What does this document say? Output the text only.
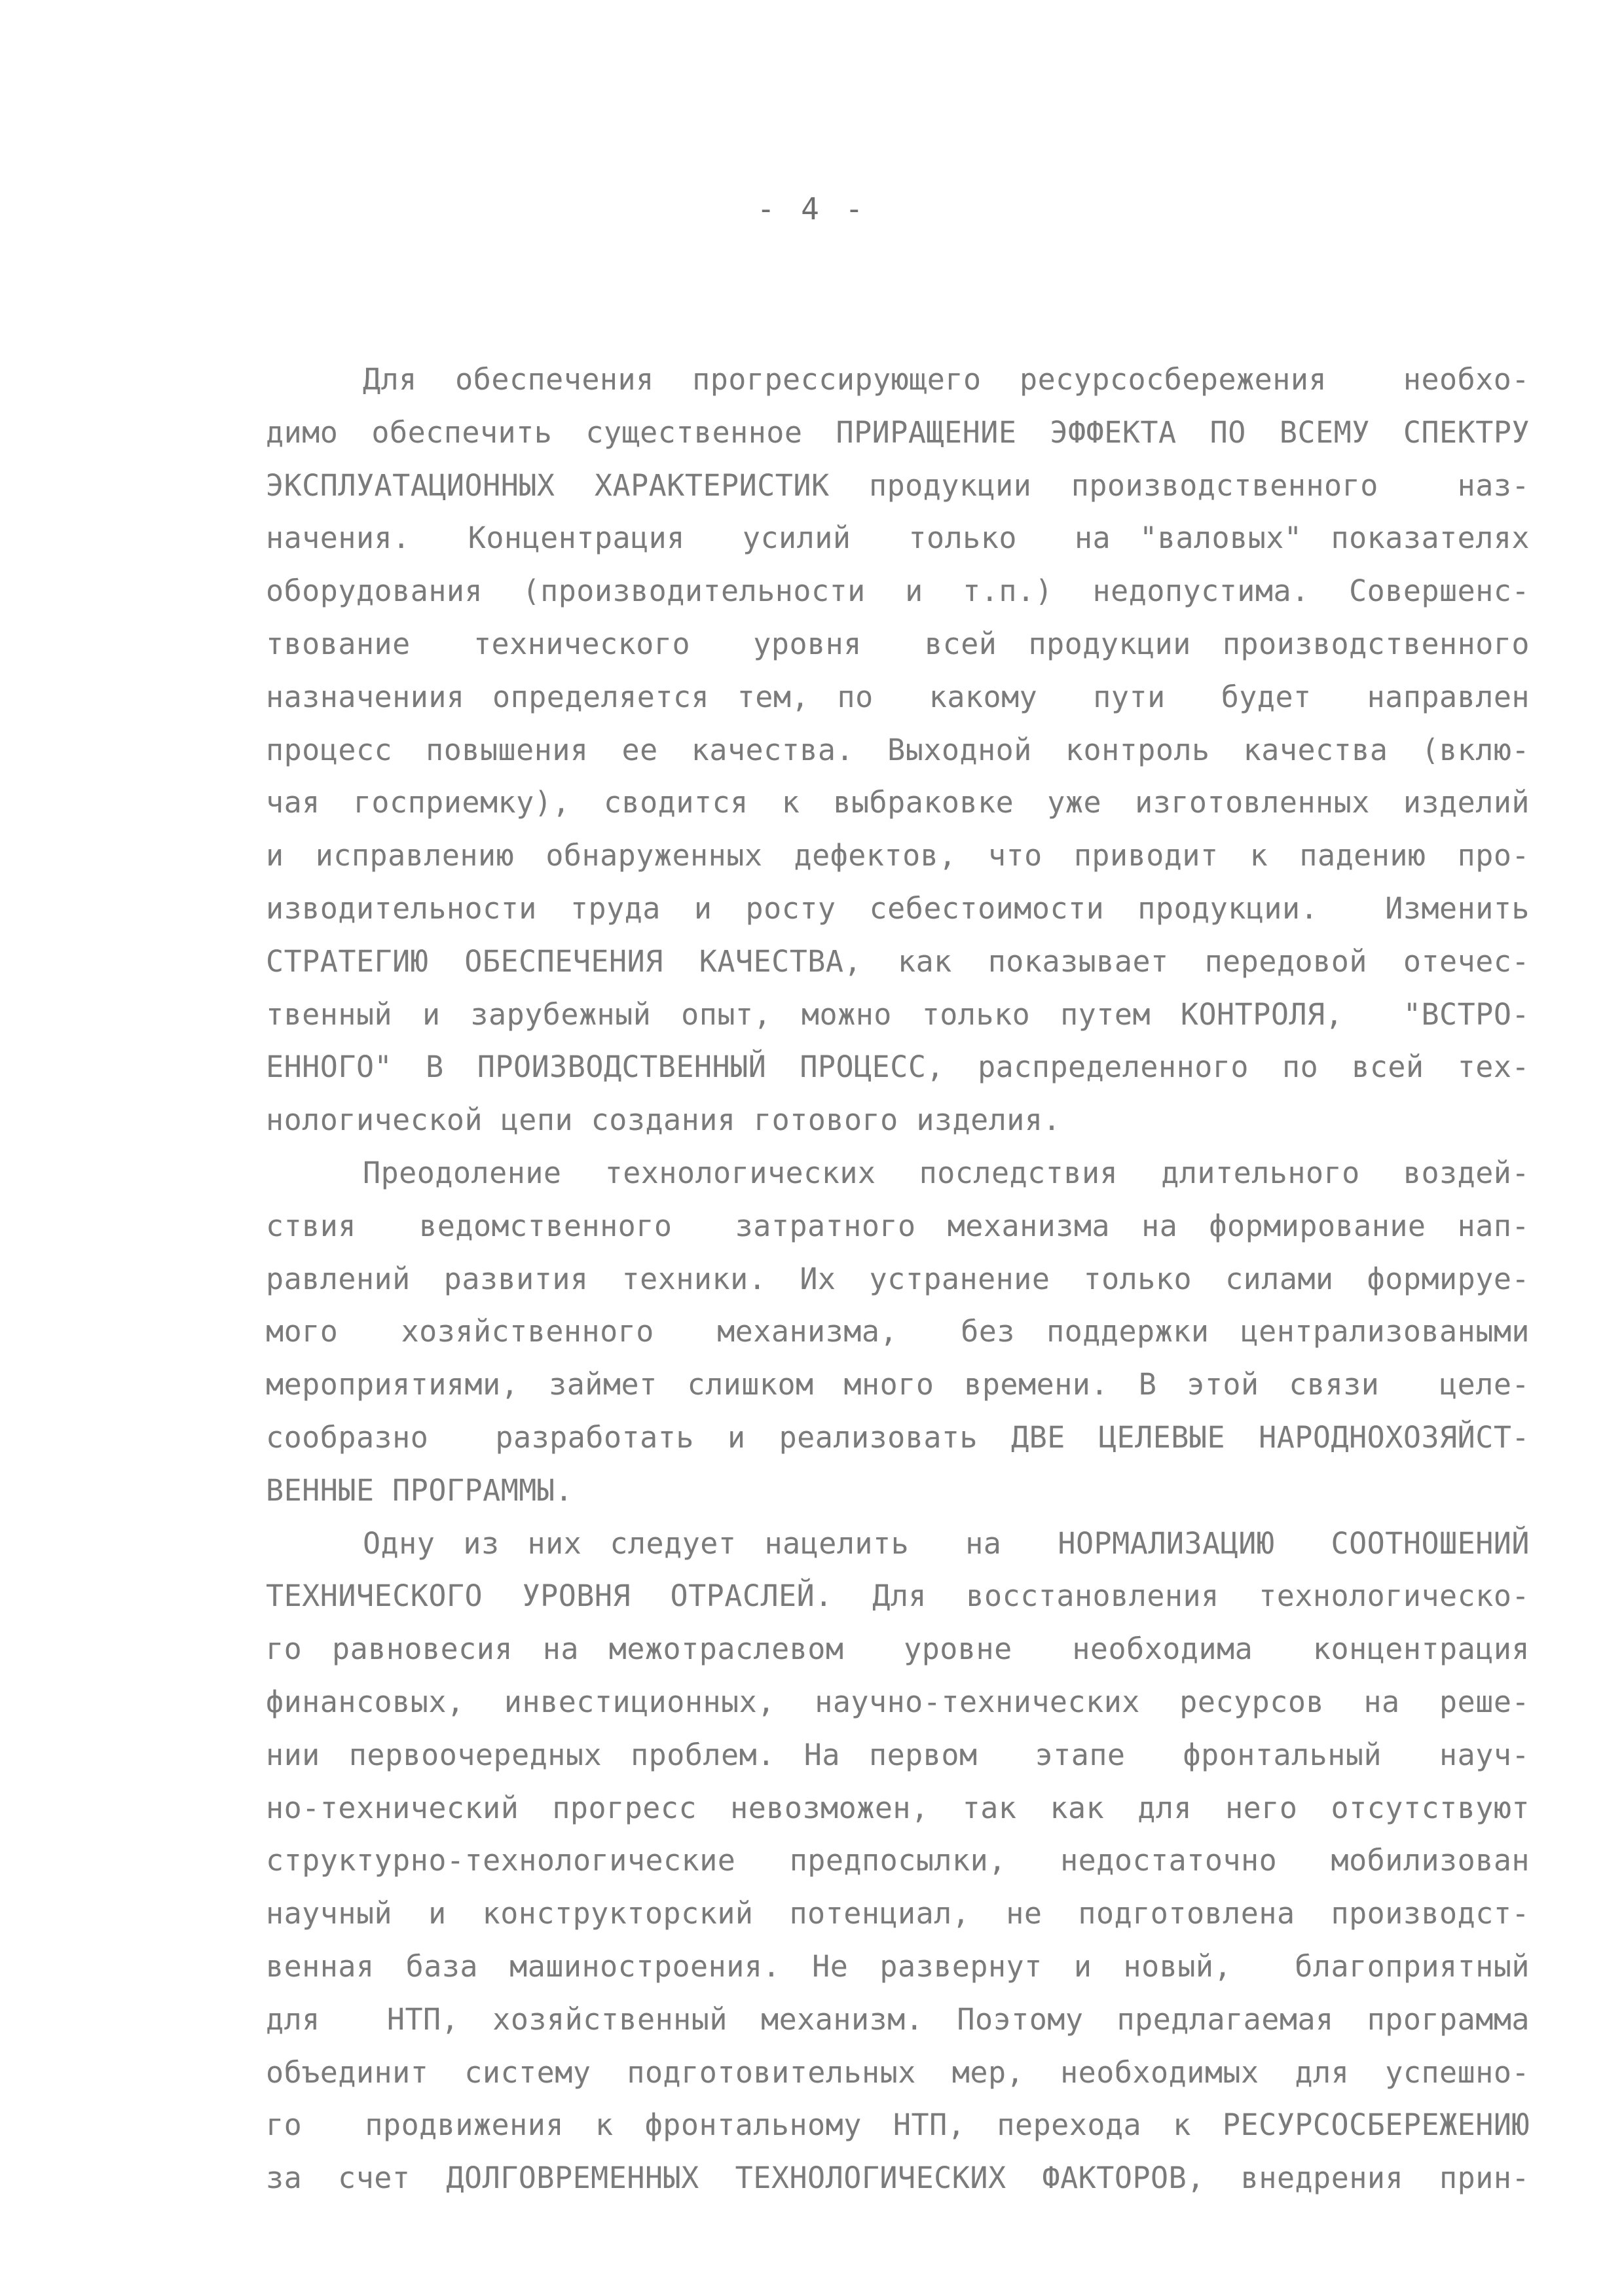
- 4 -
Для обеспечения прогрессирующего ресурсосбережения  необхо-
димо обеспечить существенное ПРИРАЩЕНИЕ ЭФФЕКТА ПО ВСЕМУ СПЕКТРУ
ЭКСПЛУАТАЦИОННЫХ ХАРАКТЕРИСТИК продукции производственного  наз-
начения.  Концентрация  усилий  только  на "валовых" показателях
оборудования (производительности и т.п.) недопустима. Совершенс-
твование  технического  уровня  всей продукции производственного
назначениия определяется тем, по  какому  пути  будет  направлен
процесс повышения ее качества. Выходной контроль качества (вклю-
чая госприемку), сводится к выбраковке уже изготовленных изделий
и исправлению обнаруженных дефектов, что приводит к падению про-
изводительности труда и росту себестоимости продукции.  Изменить
СТРАТЕГИЮ ОБЕСПЕЧЕНИЯ КАЧЕСТВА, как показывает передовой отечес-
твенный и зарубежный опыт, можно только путем КОНТРОЛЯ,  "ВСТРО-
ЕННОГО" В ПРОИЗВОДСТВЕННЫЙ ПРОЦЕСС, распределенного по всей тех-
нологической цепи создания готового изделия.
Преодоление технологических последствия длительного воздей-
ствия  ведомственного  затратного механизма на формирование нап-
равлений развития техники. Их устранение только силами формируе-
мого  хозяйственного  механизма,  без поддержки централизоваными
мероприятиями, займет слишком много времени. В этой связи  целе-
сообразно  разработать и реализовать ДВЕ ЦЕЛЕВЫЕ НАРОДНОХОЗЯЙСТ-
ВЕННЫЕ ПРОГРАММЫ.
Одну из них следует нацелить  на  НОРМАЛИЗАЦИЮ  СООТНОШЕНИЙ
ТЕХНИЧЕСКОГО УРОВНЯ ОТРАСЛЕЙ. Для восстановления технологическо-
го равновесия на межотраслевом  уровне  необходима  концентрация
финансовых, инвестиционных, научно-технических ресурсов на реше-
нии первоочередных проблем. На первом  этапе  фронтальный  науч-
но-технический прогресс невозможен, так как для него отсутствуют
структурно-технологические предпосылки, недостаточно мобилизован
научный и конструкторский потенциал, не подготовлена производст-
венная база машиностроения. Не развернут и новый,  благоприятный
для  НТП, хозяйственный механизм. Поэтому предлагаемая программа
объединит систему подготовительных мер, необходимых для успешно-
го  продвижения к фронтальному НТП, перехода к РЕСУРСОСБЕРЕЖЕНИЮ
за счет ДОЛГОВРЕМЕННЫХ ТЕХНОЛОГИЧЕСКИХ ФАКТОРОВ, внедрения прин-
